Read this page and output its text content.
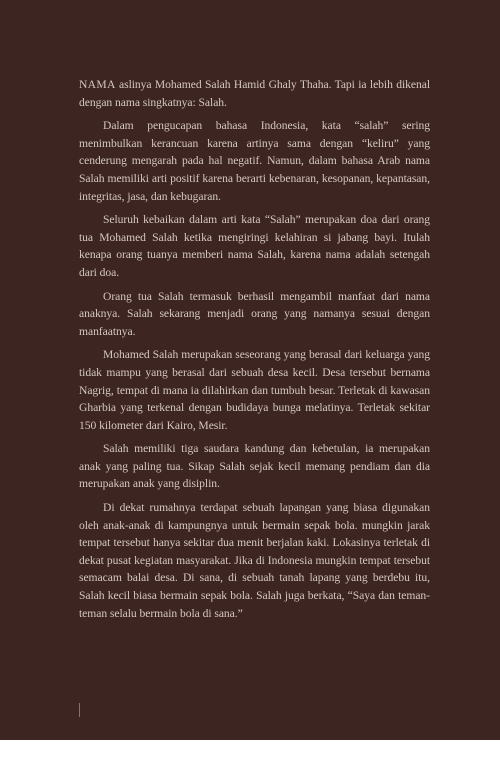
NAMA aslinya Mohamed Salah Hamid Ghaly Thaha. Tapi ia lebih dikenal dengan nama singkatnya: Salah.

Dalam pengucapan bahasa Indonesia, kata “salah” sering menimbulkan kerancuan karena artinya sama dengan “keliru” yang cenderung mengarah pada hal negatif. Namun, dalam bahasa Arab nama Salah memiliki arti positif karena berarti kebenaran, kesopanan, kepantasan, integritas, jasa, dan kebugaran.

Seluruh kebaikan dalam arti kata “Salah” merupakan doa dari orang tua Mohamed Salah ketika mengiringi kelahiran si jabang bayi. Itulah kenapa orang tuanya memberi nama Salah, karena nama adalah setengah dari doa.

Orang tua Salah termasuk berhasil mengambil manfaat dari nama anaknya. Salah sekarang menjadi orang yang namanya sesuai dengan manfaatnya.

Mohamed Salah merupakan seseorang yang berasal dari keluarga yang tidak mampu yang berasal dari sebuah desa kecil. Desa tersebut bernama Nagrig, tempat di mana ia dilahirkan dan tumbuh besar. Terletak di kawasan Gharbia yang terkenal dengan budidaya bunga melatinya. Terletak sekitar 150 kilometer dari Kairo, Mesir.

Salah memiliki tiga saudara kandung dan kebetulan, ia merupakan anak yang paling tua. Sikap Salah sejak kecil memang pendiam dan dia merupakan anak yang disiplin.

Di dekat rumahnya terdapat sebuah lapangan yang biasa digunakan oleh anak-anak di kampungnya untuk bermain sepak bola. mungkin jarak tempat tersebut hanya sekitar dua menit berjalan kaki. Lokasinya terletak di dekat pusat kegiatan masyarakat. Jika di Indonesia mungkin tempat tersebut semacam balai desa. Di sana, di sebuah tanah lapang yang berdebu itu, Salah kecil biasa bermain sepak bola. Salah juga berkata, “Saya dan teman-teman selalu bermain bola di sana.”
